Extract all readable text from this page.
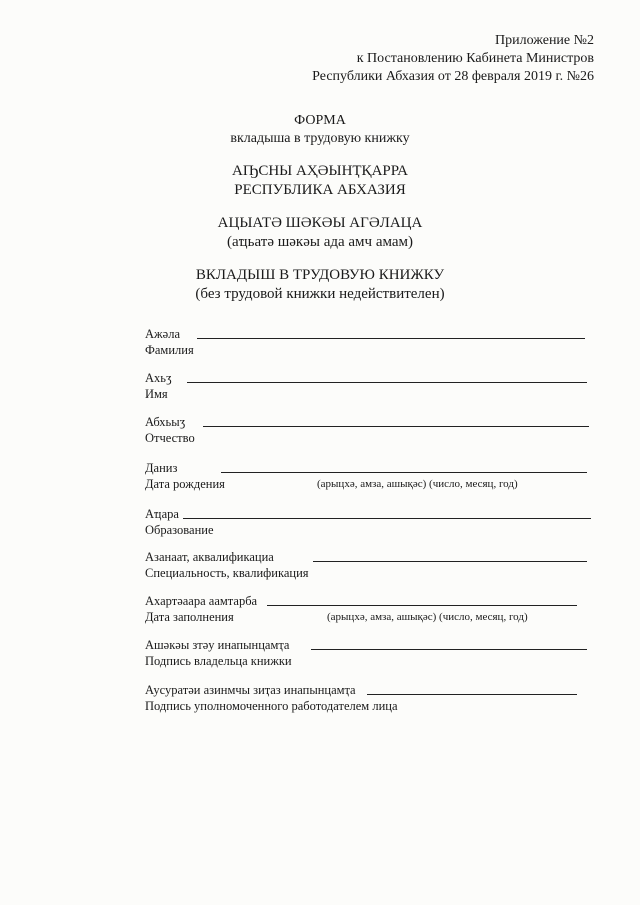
Приложение №2
к Постановлению Кабинета Министров
Республики Абхазия от 28 февраля 2019 г. №26
ФОРМА
вкладыша в трудовую книжку
АҦСНЫ АҲӘЫНҬҚАРРА
РЕСПУБЛИКА АБХАЗИЯ
АЦЫАТӘ ШӘКӘЫ АГӘЛАЦА
(аҵьатә шәкәы ада амч амам)
ВКЛАДЫШ В ТРУДОВУЮ КНИЖКУ
(без трудовой книжки недействителен)
Ажәла
Фамилия
Ахьӡ
Имя
Абхьыӡ
Отчество
Даниз
Дата рождения	(арыцхә, амза, ашықәс) (число, месяц, год)
Аҵара
Образование
Азанаат, аквалификациа
Специальность, квалификация
Ахартәаара аамтарба
Дата заполнения	(арыцхә, амза, ашықәс) (число, месяц, год)
Ашәкәы зтәу инапынцамҭа
Подпись владельца книжки
Аусуратәи азинмчы зиҭаз инапынцамҭа
Подпись уполномоченного работодателем лица
